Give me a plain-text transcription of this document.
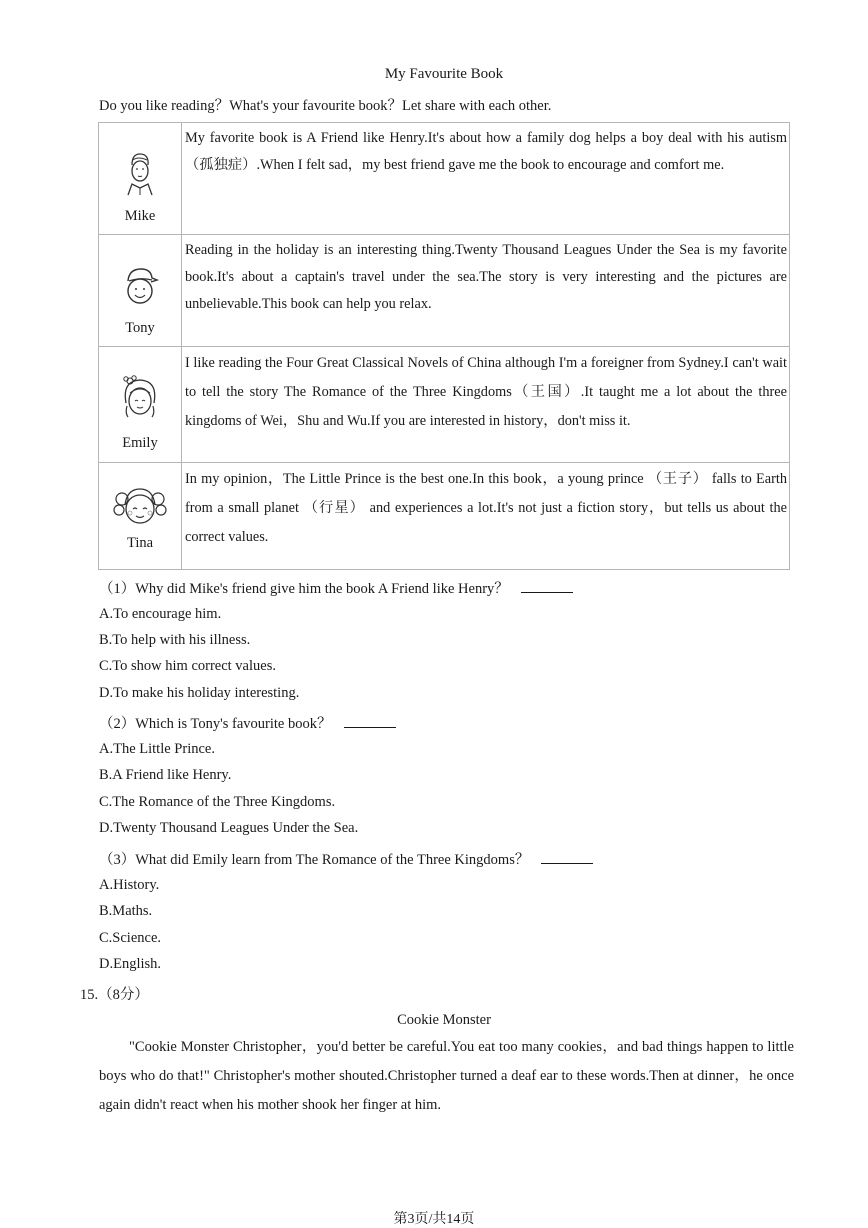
My Favourite Book
Do you like reading？What's your favourite book？Let share with each other.
Mike	My favorite book is A Friend like Henry.It's about how a family dog helps a boy deal with his autism（孤独症）.When I felt sad，my best friend gave me the book to encourage and comfort me.

Tony	Reading in the holiday is an interesting thing.Twenty Thousand Leagues Under the Sea is my favorite book.It's about a captain's travel under the sea.The story is very interesting and the pictures are unbelievable.This book can help you relax.

Emily	I like reading the Four Great Classical Novels of China although I'm a foreigner from Sydney.I can't wait to tell the story The Romance of the Three Kingdoms（王国）.It taught me a lot about the three kingdoms of Wei，Shu and Wu.If you are interested in history，don't miss it.

Tina	In my opinion，The Little Prince is the best one.In this book，a young prince （王子） falls to Earth from a small planet （行星） and experiences a lot.It's not just a fiction story，but tells us about the correct values.
（1）Why did Mike's friend give him the book A Friend like Henry？
A.To encourage him.
B.To help with his illness.
C.To show him correct values.
D.To make his holiday interesting.
（2）Which is Tony's favourite book？
A.The Little Prince.
B.A Friend like Henry.
C.The Romance of the Three Kingdoms.
D.Twenty Thousand Leagues Under the Sea.
（3）What did Emily learn from The Romance of the Three Kingdoms？
A.History.
B.Maths.
C.Science.
D.English.
15.（8分）
Cookie Monster
"Cookie Monster Christopher，you'd better be careful.You eat too many cookies，and bad things happen to little boys who do that!" Christopher's mother shouted.Christopher turned a deaf ear to these words.Then at dinner，he once again didn't react when his mother shook her finger at him.
第3页/共14页
